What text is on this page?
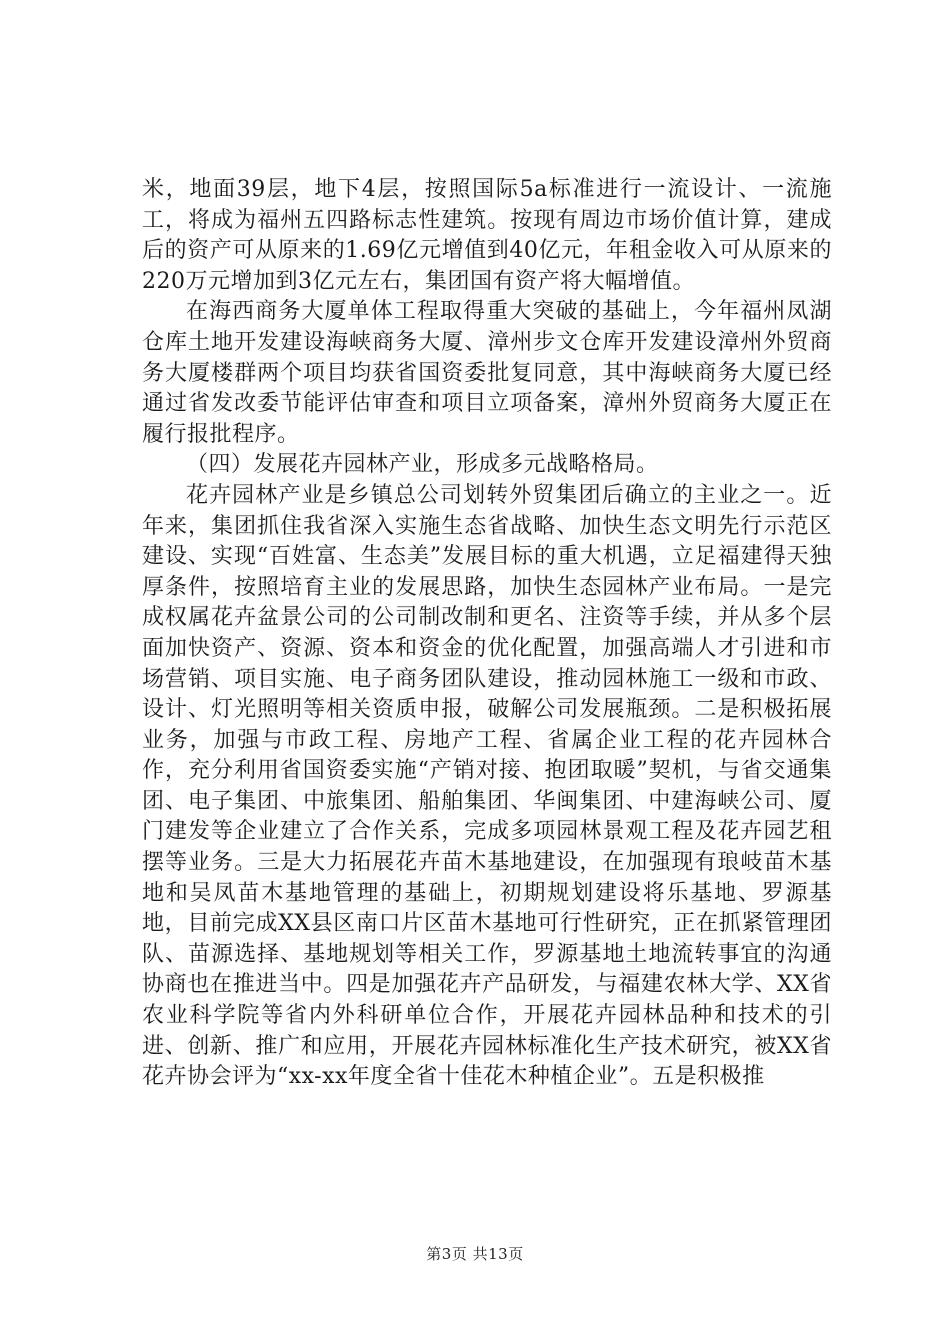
米，地面39层，地下4层，按照国际5a标准进行一流设计、一流施工，将成为福州五四路标志性建筑。按现有周边市场价值计算，建成后的资产可从原来的1.69亿元增值到40亿元，年租金收入可从原来的220万元增加到3亿元左右，集团国有资产将大幅增值。

在海西商务大厦单体工程取得重大突破的基础上，今年福州凤湖仓库土地开发建设海峡商务大厦、漳州步文仓库开发建设漳州外贸商务大厦楼群两个项目均获省国资委批复同意，其中海峡商务大厦已经通过省发改委节能评估审查和项目立项备案，漳州外贸商务大厦正在履行报批程序。

（四）发展花卉园林产业，形成多元战略格局。

花卉园林产业是乡镇总公司划转外贸集团后确立的主业之一。近年来，集团抓住我省深入实施生态省战略、加快生态文明先行示范区建设、实现“百姓富、生态美”发展目标的重大机遇，立足福建得天独厚条件，按照培育主业的发展思路，加快生态园林产业布局。一是完成权属花卉盆景公司的公司制改制和更名、注资等手续，并从多个层面加快资产、资源、资本和资金的优化配置，加强高端人才引进和市场营销、项目实施、电子商务团队建设，推动园林施工一级和市政、设计、灯光照明等相关资质申报，破解公司发展瓶颈。二是积极拓展业务，加强与市政工程、房地产工程、省属企业工程的花卉园林合作，充分利用省国资委实施“产销对接、抱团取暖”契机，与省交通集团、电子集团、中旅集团、船舶集团、华闽集团、中建海峡公司、厦门建发等企业建立了合作关系，完成多项园林景观工程及花卉园艺租摆等业务。三是大力拓展花卉苗木基地建设，在加强现有琅岐苗木基地和吴凤苗木基地管理的基础上，初期规划建设将乐基地、罗源基地，目前完成XX县区南口片区苗木基地可行性研究，正在抓紧管理团队、苗源选择、基地规划等相关工作，罗源基地土地流转事宜的沟通协商也在推进当中。四是加强花卉产品研发，与福建农林大学、XX省农业科学院等省内外科研单位合作，开展花卉园林品种和技术的引进、创新、推广和应用，开展花卉园林标准化生产技术研究，被XX省花卉协会评为“xx-xx年度全省十佳花木种植企业”。五是积极推

第3页 共13页
